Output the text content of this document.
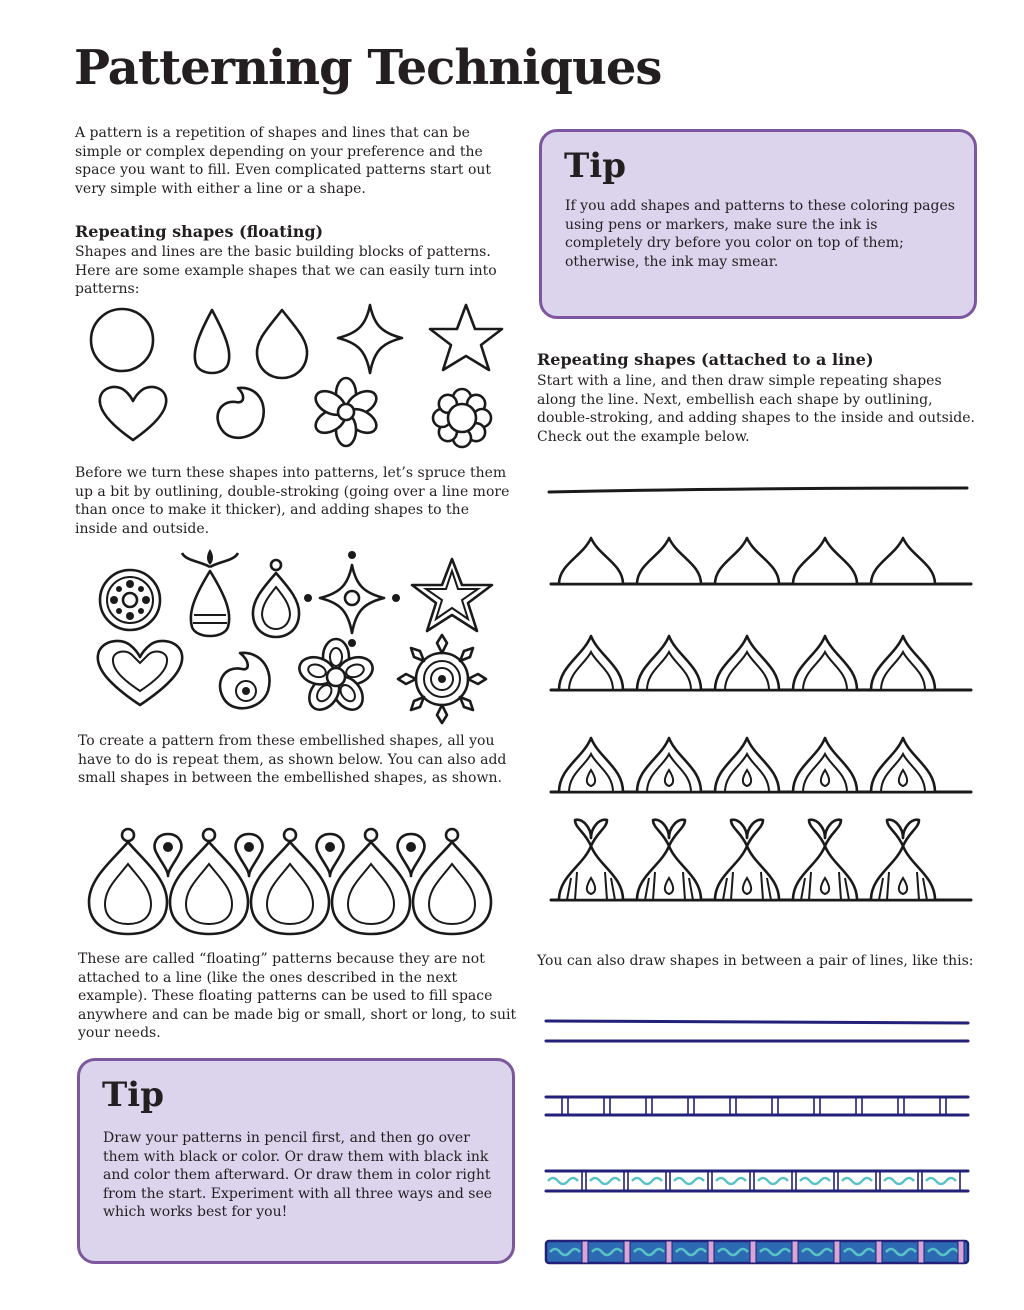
Patterning Techniques

A pattern is a repetition of shapes and lines that can be simple or complex depending on your preference and the space you want to fill. Even complicated patterns start out very simple with either a line or a shape.

Repeating shapes (floating)

Shapes and lines are the basic building blocks of patterns. Here are some example shapes that we can easily turn into patterns:

Before we turn these shapes into patterns, let’s spruce them up a bit by outlining, double-stroking (going over a line more than once to make it thicker), and adding shapes to the inside and outside.

To create a pattern from these embellished shapes, all you have to do is repeat them, as shown below. You can also add small shapes in between the embellished shapes, as shown.

These are called “floating” patterns because they are not attached to a line (like the ones described in the next example). These floating patterns can be used to fill space anywhere and can be made big or small, short or long, to suit your needs.

Tip

If you add shapes and patterns to these coloring pages using pens or markers, make sure the ink is completely dry before you color on top of them; otherwise, the ink may smear.

Repeating shapes (attached to a line)

Start with a line, and then draw simple repeating shapes along the line. Next, embellish each shape by outlining, double-stroking, and adding shapes to the inside and outside. Check out the example below.

You can also draw shapes in between a pair of lines, like this:

Tip

Draw your patterns in pencil first, and then go over them with black or color. Or draw them with black ink and color them afterward. Or draw them in color right from the start. Experiment with all three ways and see which works best for you!
